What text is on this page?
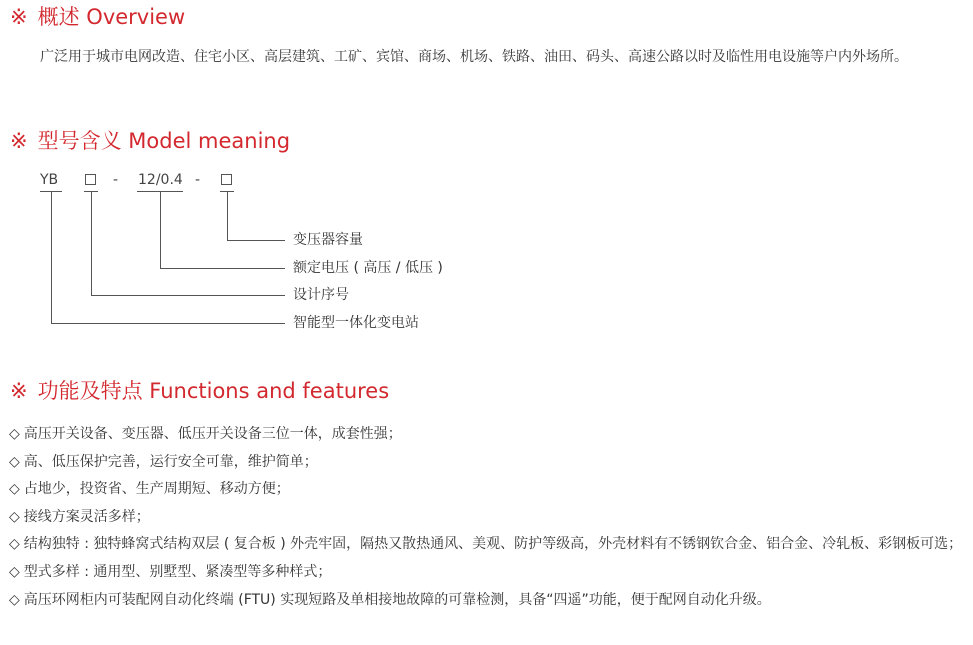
※ 概述 Overview

广泛用于城市电网改造、住宅小区、高层建筑、工矿、宾馆、商场、机场、铁路、油田、码头、高速公路以时及临性用电设施等户内外场所。

※ 型号含义 Model meaning
YB	- 12/0.4 -
变压器容量
额定电压 ( 高压 / 低压 )
设计序号
智能型一体化变电站
※ 功能及特点 Functions and features
◇ 高压开关设备、变压器、低压开关设备三位一体，成套性强；
◇ 高、低压保护完善，运行安全可靠，维护简单；
◇ 占地少，投资省、生产周期短、移动方便；
◇ 接线方案灵活多样；
◇ 结构独特 : 独特蜂窝式结构双层 ( 复合板 ) 外壳牢固，隔热又散热通风、美观、防护等级高，外壳材料有不锈钢钦合金、铝合金、冷轧板、彩钢板可选；
◇ 型式多样 : 通用型、别墅型、紧凑型等多种样式；
◇ 高压环网柜内可装配网自动化终端 (FTU) 实现短路及单相接地故障的可靠检测，具备“四遥”功能，便于配网自动化升级。
